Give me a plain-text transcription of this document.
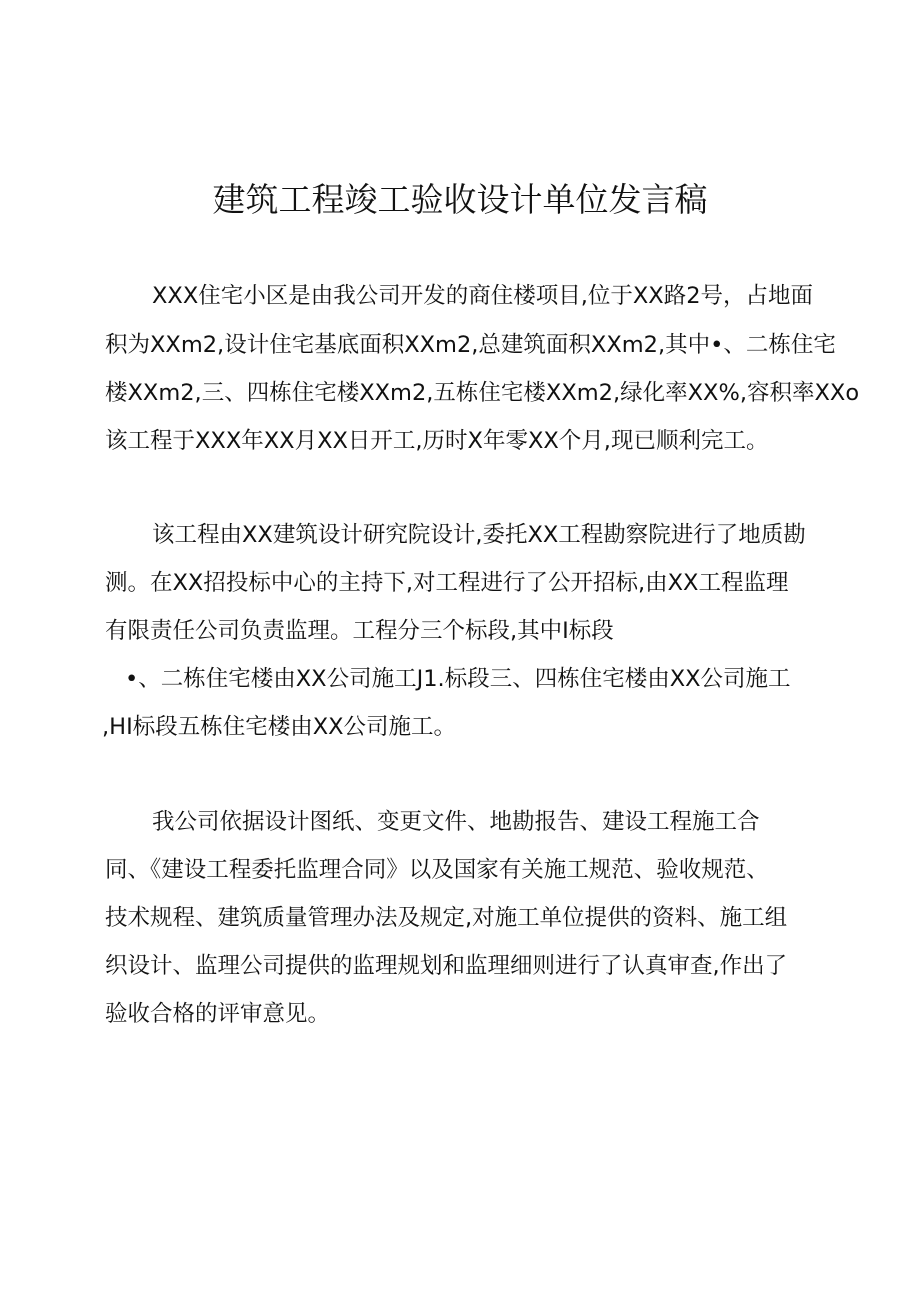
建筑工程竣工验收设计单位发言稿

XXX住宅小区是由我公司开发的商住楼项目,位于XX路2号，占地面

积为XXm2,设计住宅基底面积XXm2,总建筑面积XXm2,其中•、二栋住宅

楼XXm2,三、四栋住宅楼XXm2,五栋住宅楼XXm2,绿化率XX%,容积率XXo

该工程于XXX年XX月XX日开工,历时X年零XX个月,现已顺利完工。

该工程由XX建筑设计研究院设计,委托XX工程勘察院进行了地质勘

测。在XX招投标中心的主持下,对工程进行了公开招标,由XX工程监理

有限责任公司负责监理。工程分三个标段,其中I标段

•、二栋住宅楼由XX公司施工J1.标段三、四栋住宅楼由XX公司施工

,HI标段五栋住宅楼由XX公司施工。

我公司依据设计图纸、变更文件、地勘报告、建设工程施工合

同、《建设工程委托监理合同》以及国家有关施工规范、验收规范、

技术规程、建筑质量管理办法及规定,对施工单位提供的资料、施工组

织设计、监理公司提供的监理规划和监理细则进行了认真审查,作出了

验收合格的评审意见。
